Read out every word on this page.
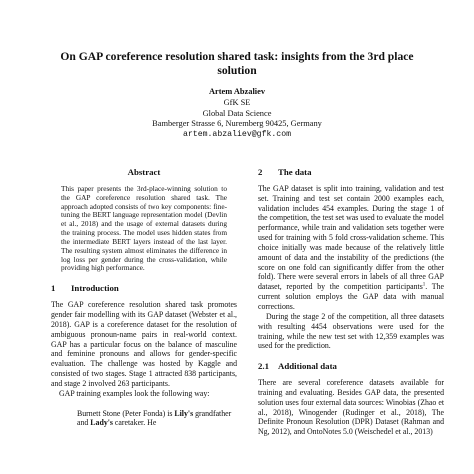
On GAP coreference resolution shared task: insights from the 3rd place solution
Artem Abzaliev
GfK SE
Global Data Science
Bamberger Strasse 6, Nuremberg 90425, Germany
artem.abzaliev@gfk.com
Abstract

This paper presents the 3rd-place-winning solution to the GAP coreference resolution shared task. The approach adopted consists of two key components: fine-tuning the BERT language representation model (Devlin et al., 2018) and the usage of external datasets during the training process. The model uses hidden states from the intermediate BERT layers instead of the last layer. The resulting system almost eliminates the difference in log loss per gender during the cross-validation, while providing high performance.

1 Introduction

The GAP coreference resolution shared task promotes gender fair modelling with its GAP dataset (Webster et al., 2018). GAP is a coreference dataset for the resolution of ambiguous pronoun-name pairs in real-world context. GAP has a particular focus on the balance of masculine and feminine pronouns and allows for gender-specific evaluation. The challenge was hosted by Kaggle and consisted of two stages. Stage 1 attracted 838 participants, and stage 2 involved 263 participants.

GAP training examples look the following way:

Burnett Stone (Peter Fonda) is Lily's grandfather and Lady's caretaker. He
2 The data

The GAP dataset is split into training, validation and test set. Training and test set contain 2000 examples each, validation includes 454 examples. During the stage 1 of the competition, the test set was used to evaluate the model performance, while train and validation sets together were used for training with 5 fold cross-validation scheme. This choice initially was made because of the relatively little amount of data and the instability of the predictions (the score on one fold can significantly differ from the other fold). There were several errors in labels of all three GAP dataset, reported by the competition participants$^1$. The current solution employs the GAP data with manual corrections.

During the stage 2 of the competition, all three datasets with resulting 4454 observations were used for the training, while the new test set with 12,359 examples was used for the prediction.

2.1 Additional data

There are several coreference datasets available for training and evaluating. Besides GAP data, the presented solution uses four external data sources: Winobias (Zhao et al., 2018), Winogender (Rudinger et al., 2018), The Definite Pronoun Resolution (DPR) Dataset (Rahman and Ng, 2012), and OntoNotes 5.0 (Weischedel et al., 2013)
